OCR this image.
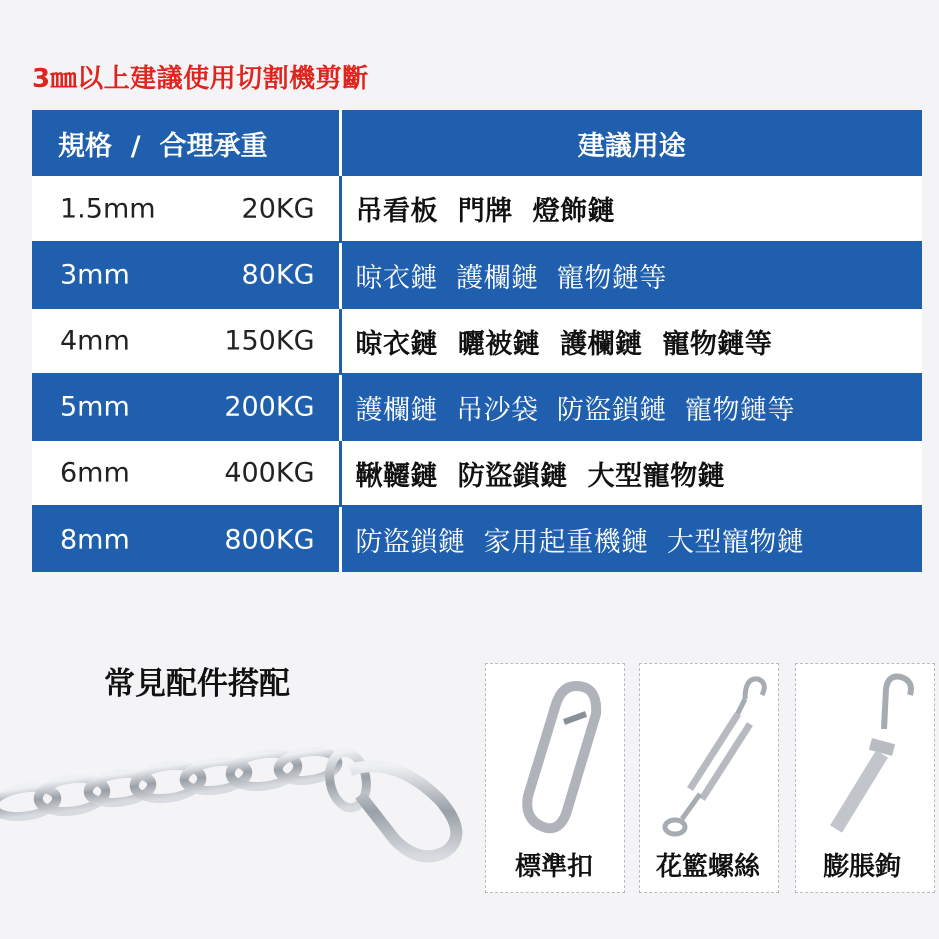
3㎜以上建議使用切割機剪斷
規格  /  合理承重	建議用途

1.5mm 20KG	吊看板  門牌  燈飾鏈

3mm 80KG	晾衣鏈  護欄鏈  寵物鏈等

4mm 150KG	晾衣鏈  曬被鏈  護欄鏈  寵物鏈等

5mm 200KG	護欄鏈  吊沙袋  防盜鎖鏈  寵物鏈等

6mm 400KG	鞦韆鏈  防盜鎖鏈  大型寵物鏈

8mm 800KG	防盜鎖鏈  家用起重機鏈  大型寵物鏈
常見配件搭配
標準扣	花籃螺絲	膨脹鉤
